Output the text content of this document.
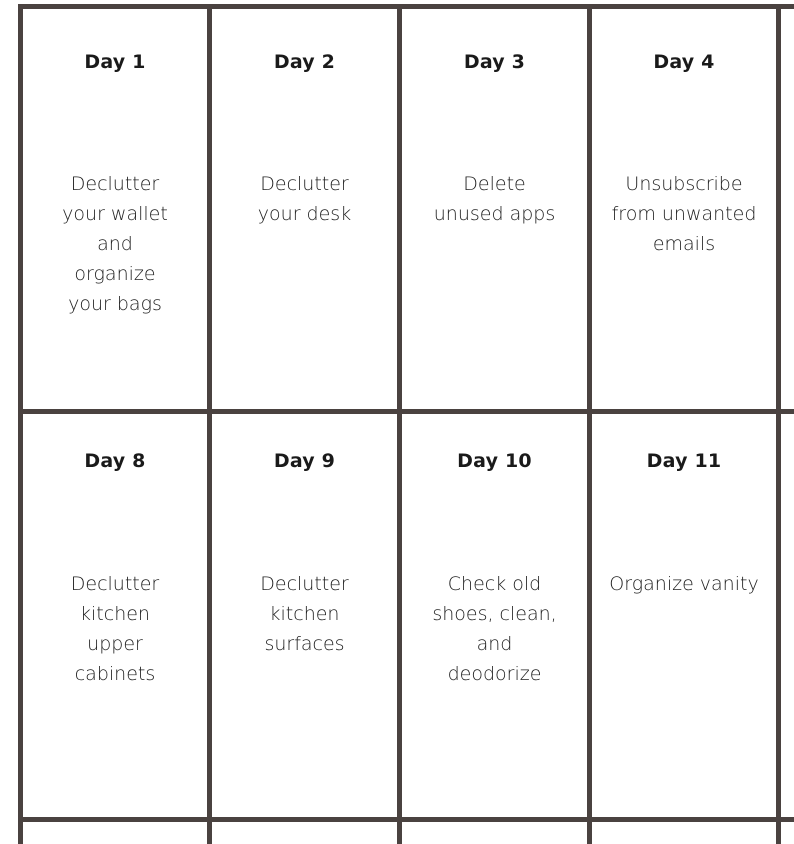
Day 1
Declutter
your wallet
and
organize
your bags
Day 2
Declutter
your desk
Day 3
Delete
unused apps
Day 4
Unsubscribe
from unwanted
emails
Day 8
Declutter
kitchen
upper
cabinets
Day 9
Declutter
kitchen
surfaces
Day 10
Check old
shoes, clean,
and
deodorize
Day 11
Organize vanity
